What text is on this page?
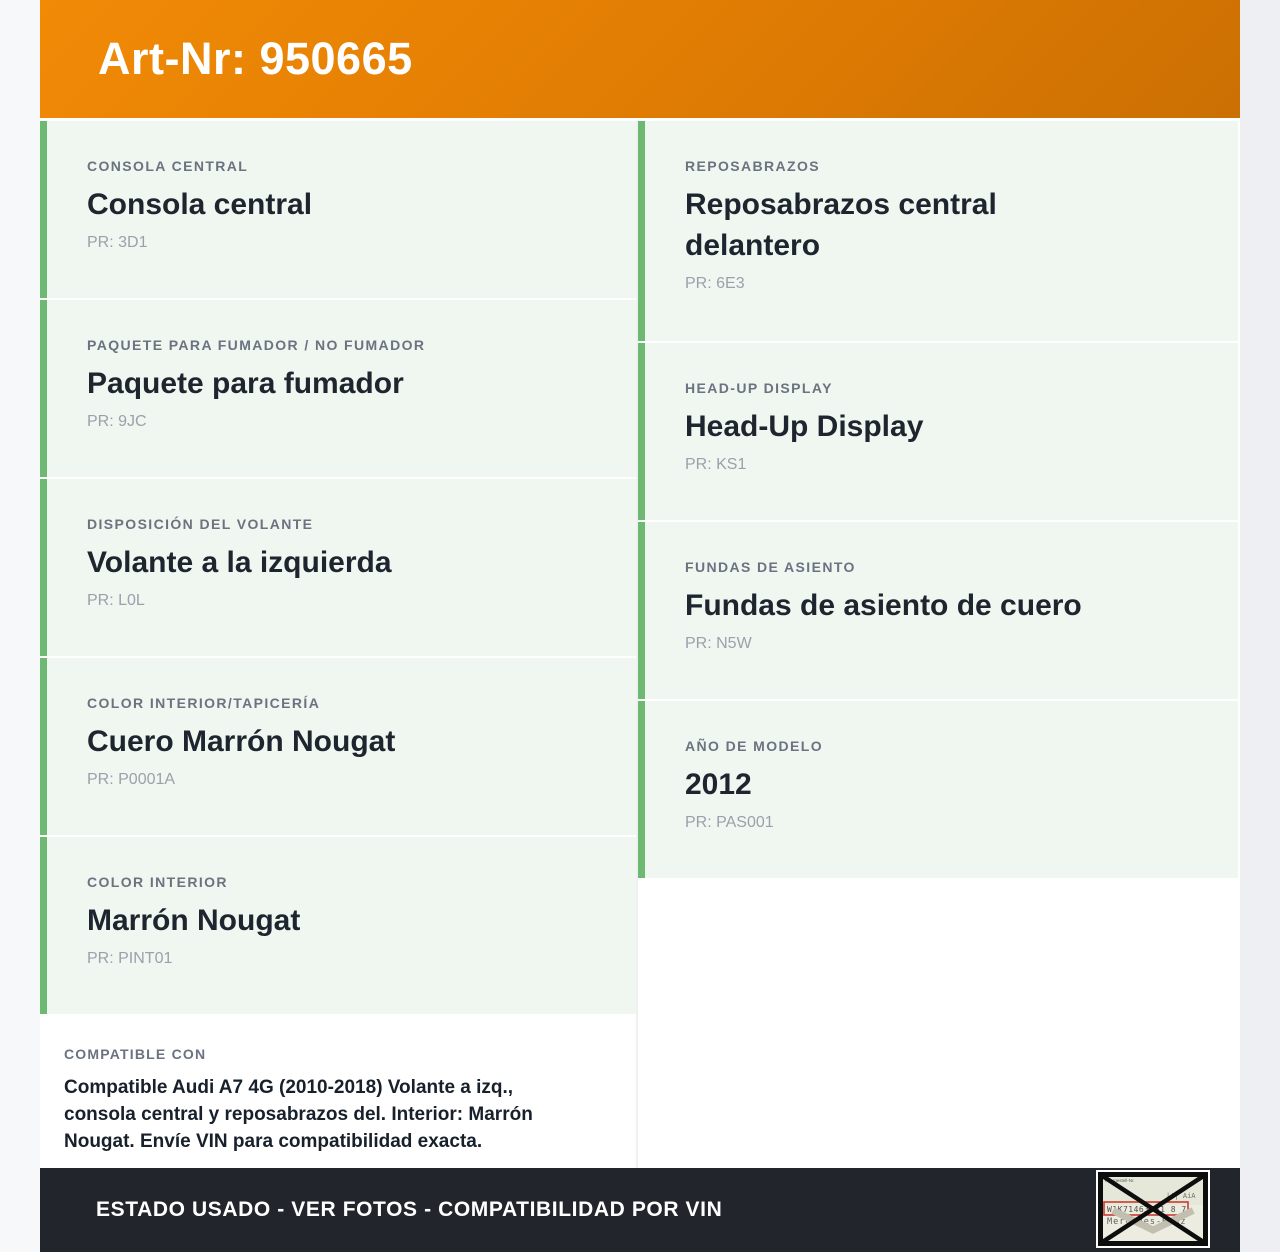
Art-Nr: 950665
CONSOLA CENTRAL
Consola central
PR: 3D1
PAQUETE PARA FUMADOR / NO FUMADOR
Paquete para fumador
PR: 9JC
DISPOSICIÓN DEL VOLANTE
Volante a la izquierda
PR: L0L
COLOR INTERIOR/TAPICERÍA
Cuero Marrón Nougat
PR: P0001A
COLOR INTERIOR
Marrón Nougat
PR: PINT01
COMPATIBLE CON
Compatible Audi A7 4G (2010-2018) Volante a izq., consola central y reposabrazos del. Interior: Marrón Nougat. Envíe VIN para compatibilidad exacta.
REPOSABRAZOS
Reposabrazos central delantero
PR: 6E3
HEAD-UP DISPLAY
Head-Up Display
PR: KS1
FUNDAS DE ASIENTO
Fundas de asiento de cuero
PR: N5W
AÑO DE MODELO
2012
PR: PAS001
ESTADO USADO - VER FOTOS - COMPATIBILIDAD POR VIN
Fahrgestell-Nr.
|4| AiA
W1K71463J31 8 7
Mercedes-Benz
